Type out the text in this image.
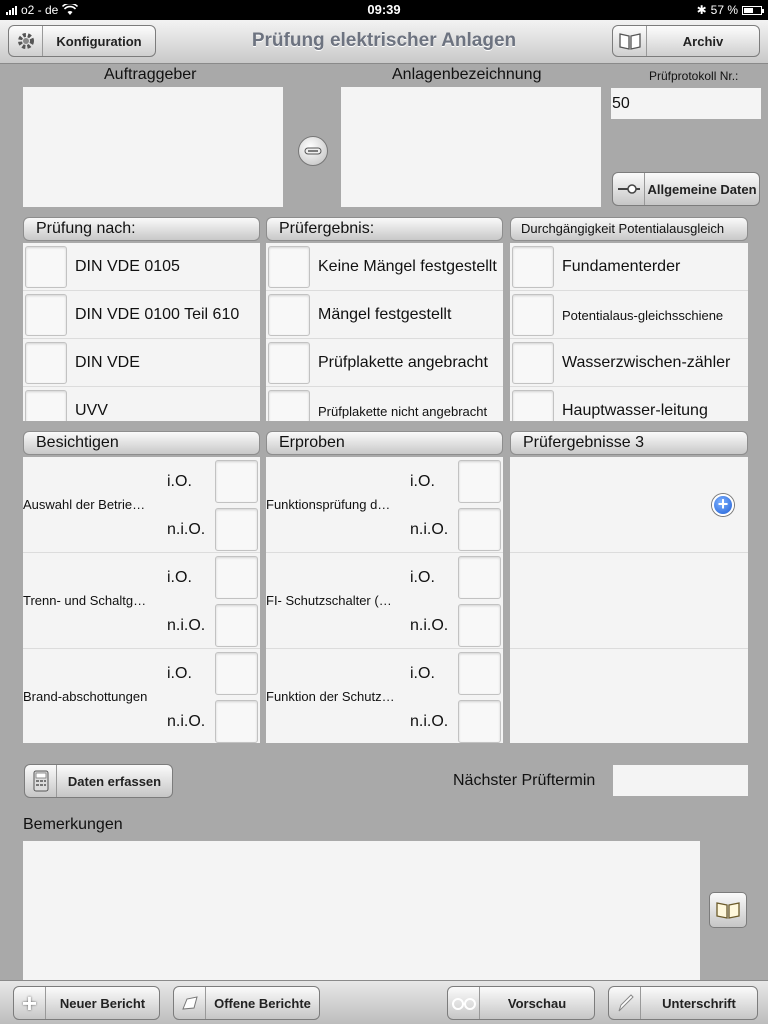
o2 - de	09:39	✱ 57 %
Konfiguration	Prüfung elektrischer Anlagen	Archiv
Auftraggeber	Anlagenbezeichnung	Prüfprotokoll Nr.:
50
Allgemeine Daten
Prüfung nach:	Prüfergebnis:	Durchgängigkeit Potentialausgleich
DIN VDE 0105
DIN VDE 0100 Teil 610
DIN VDE
UVV
Keine Mängel festgestellt
Mängel festgestellt
Prüfplakette angebracht
Prüfplakette nicht angebracht
Fundamenterder
Potentialaus-gleichsschiene
Wasserzwischen-zähler
Hauptwasser-leitung
Besichtigen	Erproben	Prüfergebnisse 3
Auswahl der Betrie…
i.O.
n.i.O.
Trenn- und Schaltg…
i.O.
n.i.O.
Brand-abschottungen
i.O.
n.i.O.
Funktionsprüfung d…
i.O.
n.i.O.
FI- Schutzschalter (…
i.O.
n.i.O.
Funktion der Schutz…
i.O.
n.i.O.
+
Daten erfassen	Nächster Prüftermin
Bemerkungen
+	Neuer Bericht	Offene Berichte	Vorschau	Unterschrift
